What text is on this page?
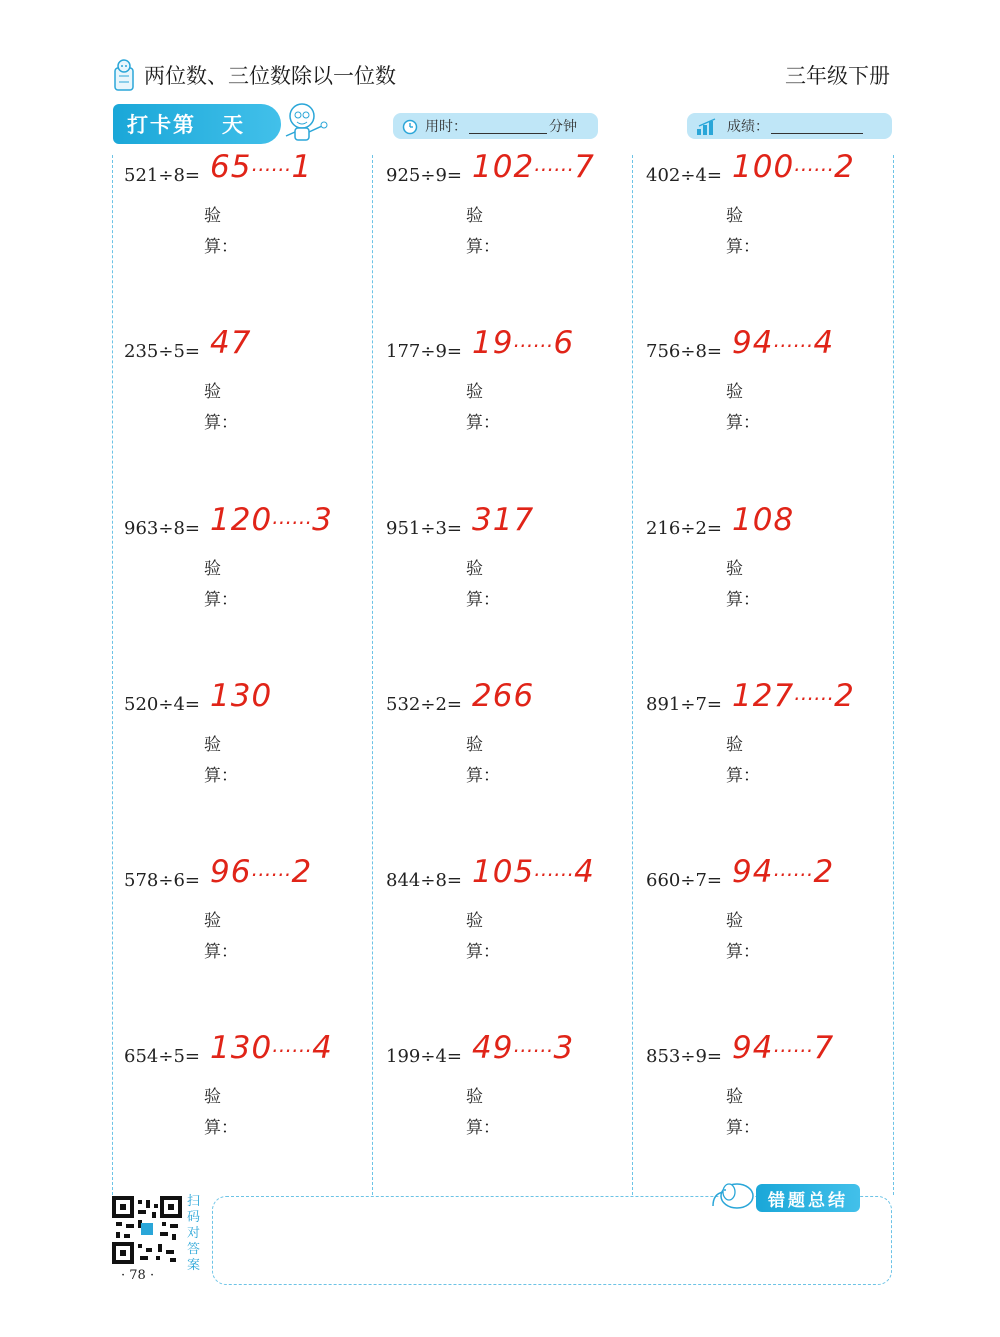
两位数、三位数除以一位数	三年级下册
打卡第 天	用时：	分钟	成绩：
521÷8= 65……1
验
算：
925÷9= 102……7
验
算：
402÷4= 100……2
验
算：
235÷5= 47
验
算：
177÷9= 19……6
验
算：
756÷8= 94……4
验
算：
963÷8= 120……3
验
算：
951÷3= 317
验
算：
216÷2= 108
验
算：
520÷4= 130
验
算：
532÷2= 266
验
算：
891÷7= 127……2
验
算：
578÷6= 96……2
验
算：
844÷8= 105……4
验
算：
660÷7= 94……2
验
算：
654÷5= 130……4
验
算：
199÷4= 49……3
验
算：
853÷9= 94……7
验
算：
错题总结
扫码对答案
· 78 ·
